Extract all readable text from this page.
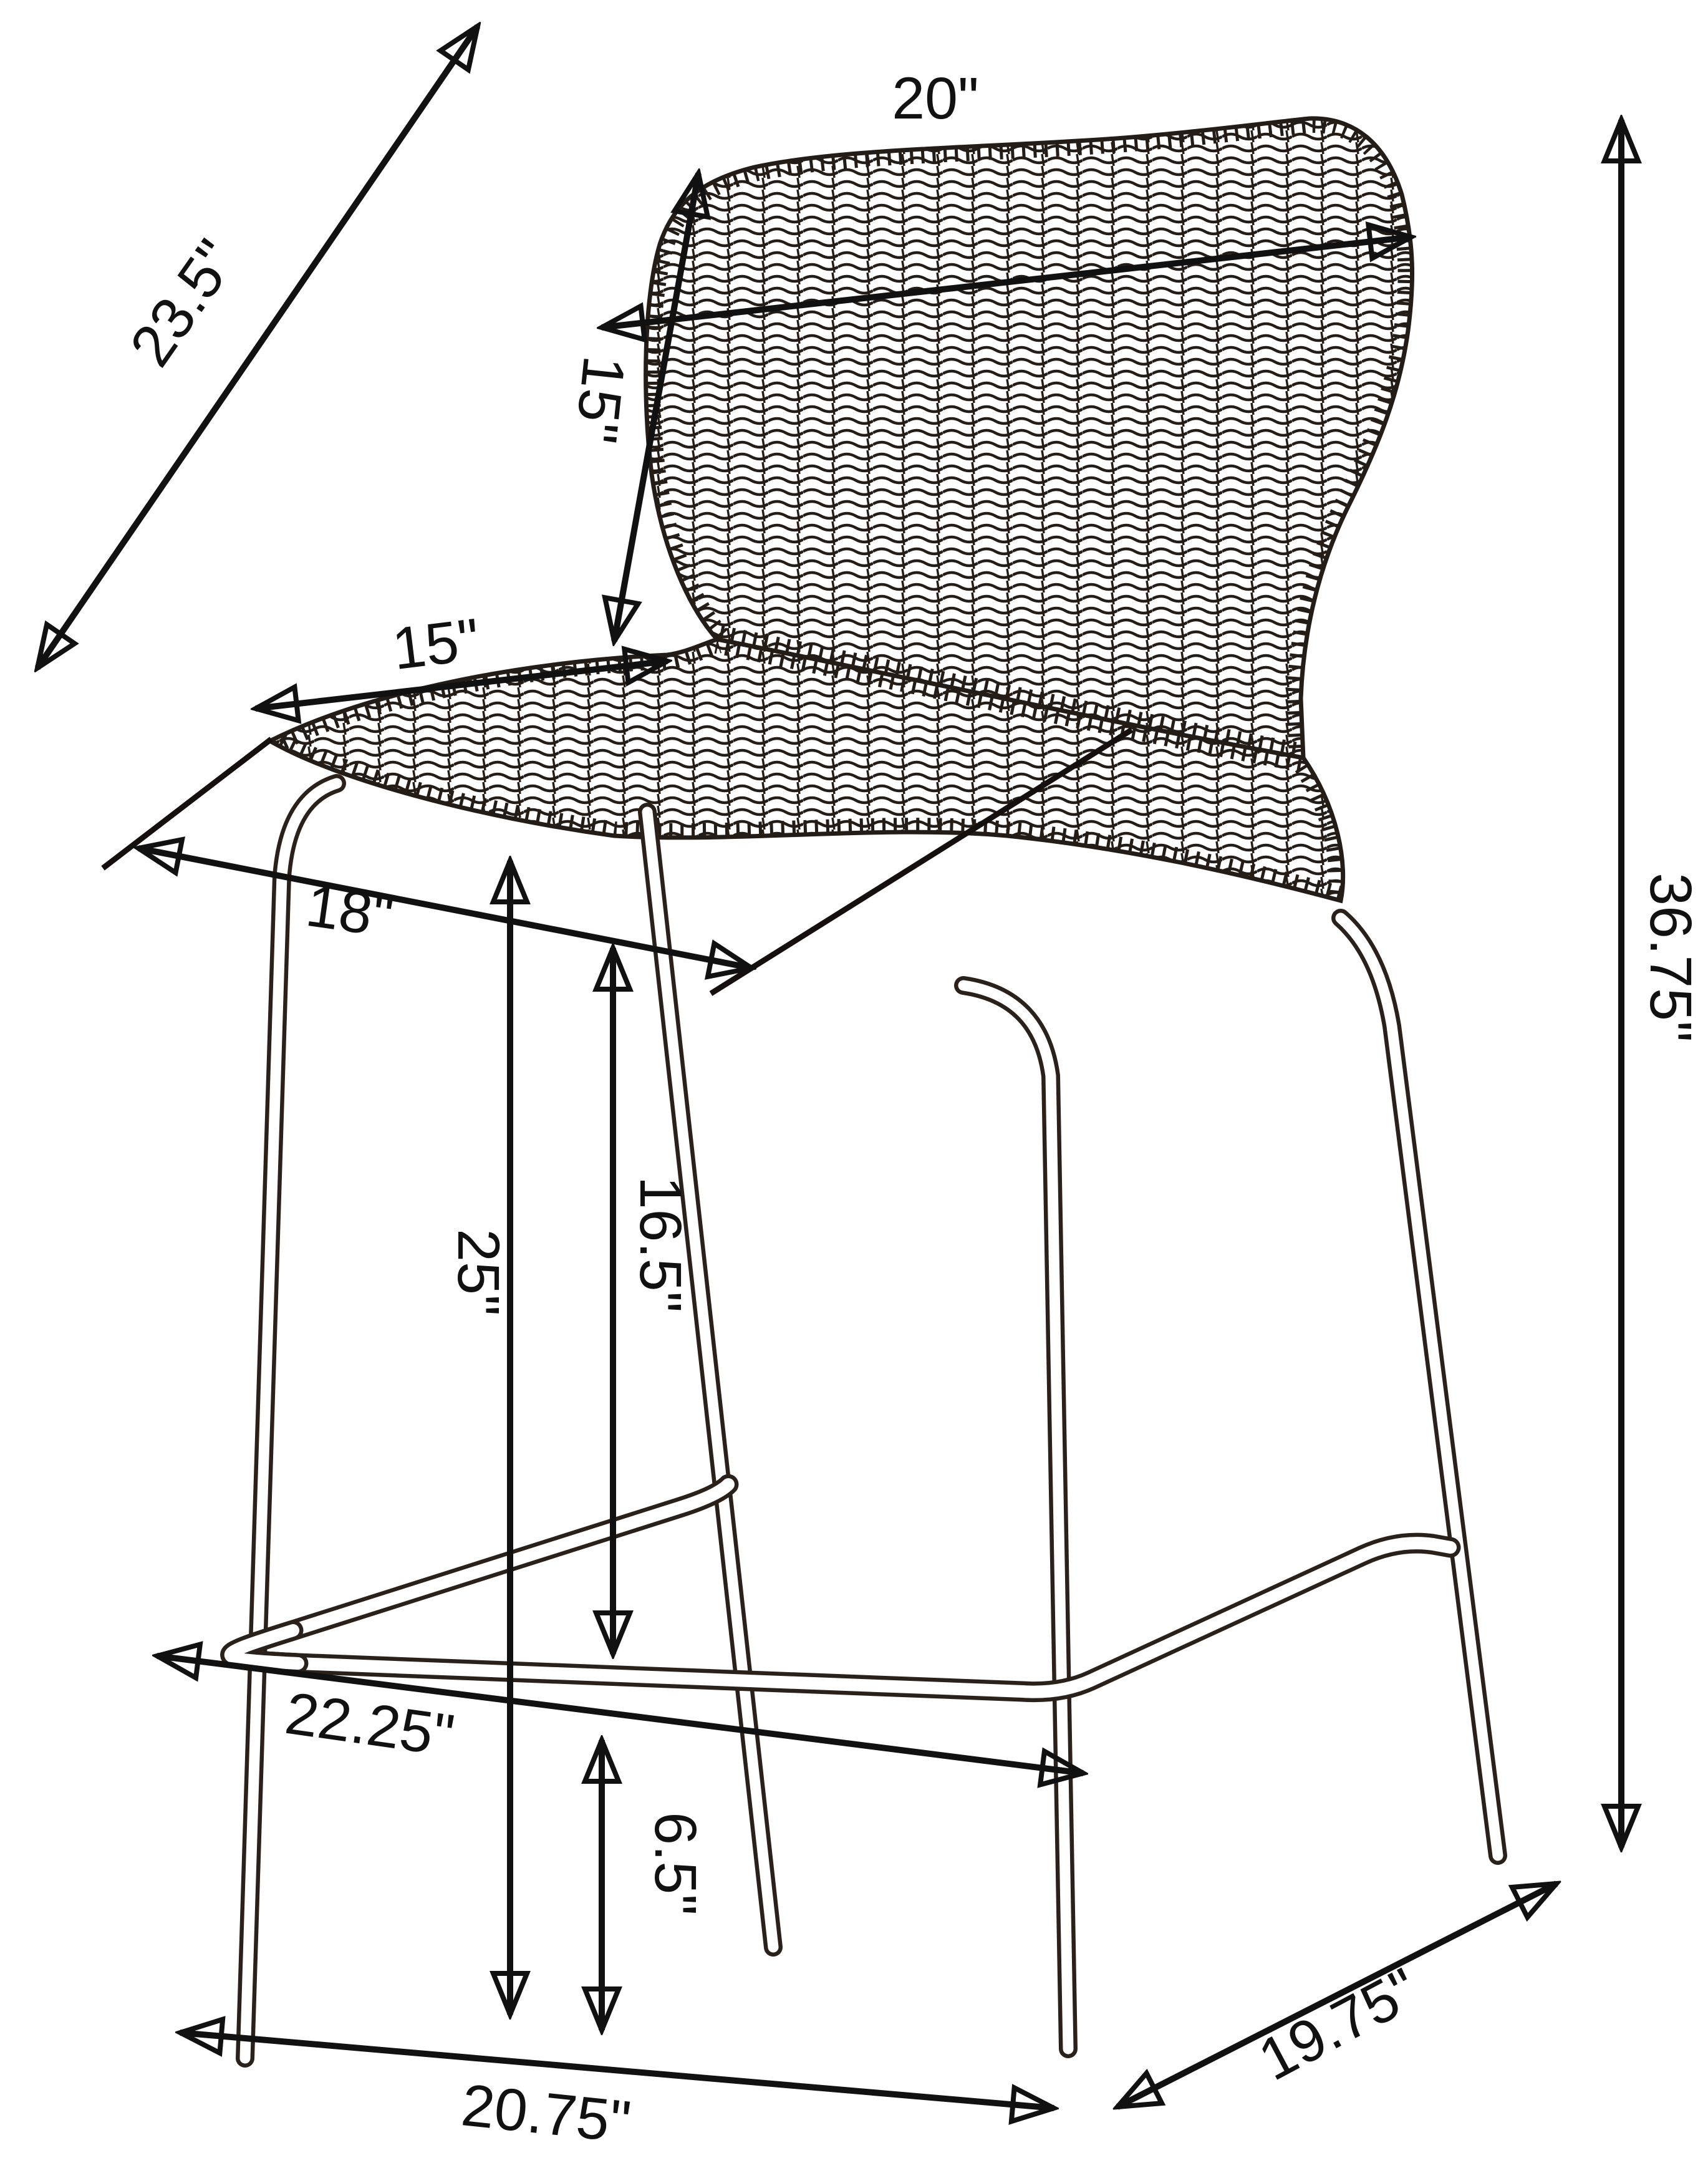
23.5"
20"
15"
15"
18"
25" 16.5"
36.75"
22.25"
6.5"
20.75"
19.75"
